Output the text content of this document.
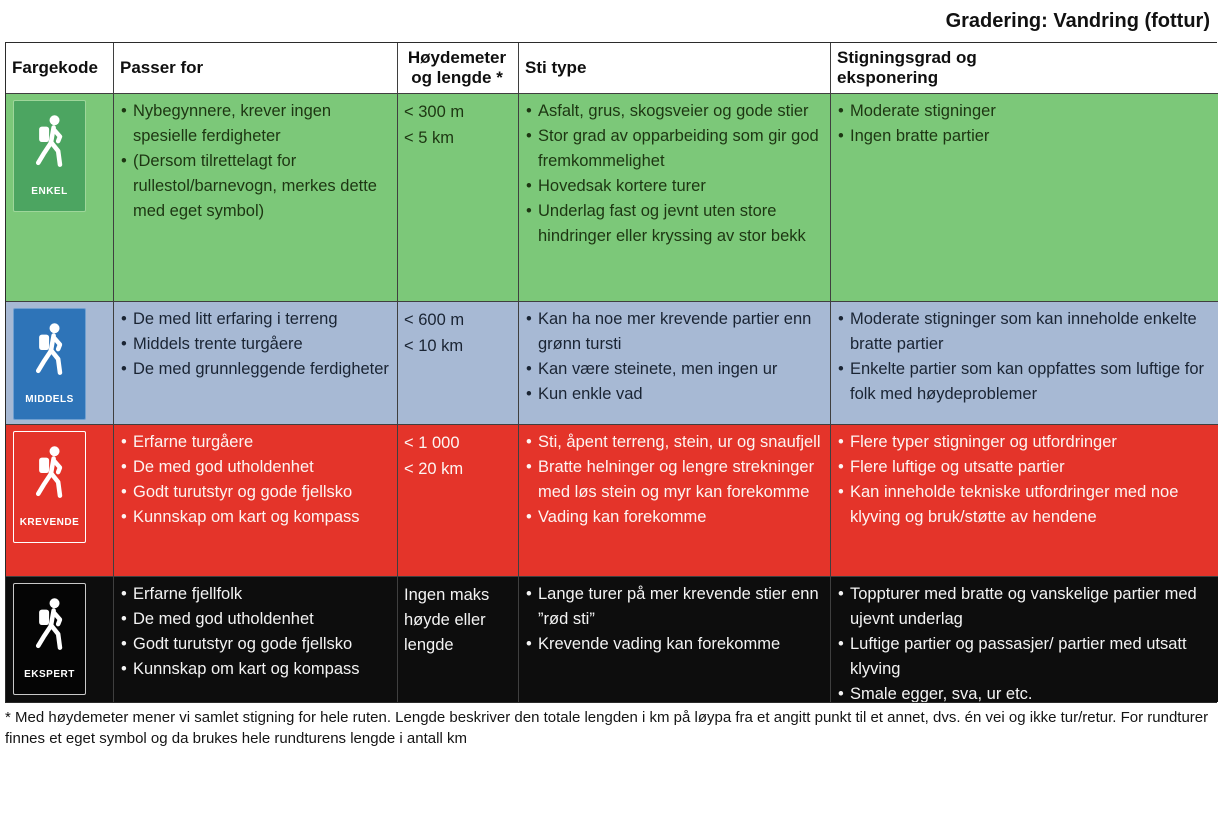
Gradering: Vandring (fottur)
Fargekode	Passer for
Høydemeter og lengde *
Sti type
Stigningsgrad og eksponering
ENKEL
• Nybegynnere, krever ingen spesielle ferdigheter
• (Dersom tilrettelagt for rullestol/barnevogn, merkes dette med eget symbol)
< 300 m
< 5 km
• Asfalt, grus, skogsveier og gode stier
• Stor grad av opparbeiding som gir god fremkommelighet
• Hovedsak kortere turer
• Underlag fast og jevnt uten store hindringer eller kryssing av stor bekk
• Moderate stigninger
• Ingen bratte partier
MIDDELS
• De med litt erfaring i terreng
• Middels trente turgåere
• De med grunnleggende ferdigheter
< 600 m
< 10 km
• Kan ha noe mer krevende partier enn grønn tursti
• Kan være steinete, men ingen ur
• Kun enkle vad
• Moderate stigninger som kan inneholde enkelte bratte partier
• Enkelte partier som kan oppfattes som luftige for folk med høydeproblemer
KREVENDE
• Erfarne turgåere
• De med god utholdenhet
• Godt turutstyr og gode fjellsko
• Kunnskap om kart og kompass
< 1 000
< 20 km
• Sti, åpent terreng, stein, ur og snaufjell
• Bratte helninger og lengre strekninger med løs stein og myr kan forekomme
• Vading kan forekomme
• Flere typer stigninger og utfordringer
• Flere luftige og utsatte partier
• Kan inneholde tekniske utfordringer med noe klyving og bruk/støtte av hendene
EKSPERT
• Erfarne fjellfolk
• De med god utholdenhet
• Godt turutstyr og gode fjellsko
• Kunnskap om kart og kompass
Ingen maks høyde eller lengde
• Lange turer på mer krevende stier enn ”rød sti”
• Krevende vading kan forekomme
• Toppturer med bratte og vanskelige partier med ujevnt underlag
• Luftige partier og passasjer/ partier med utsatt klyving
• Smale egger, sva, ur etc.
* Med høydemeter mener vi samlet stigning for hele ruten. Lengde beskriver den totale lengden i km på løypa fra et angitt punkt til et annet, dvs. én vei og ikke tur/retur. For rundturer finnes et eget symbol og da brukes hele rundturens lengde i antall km
